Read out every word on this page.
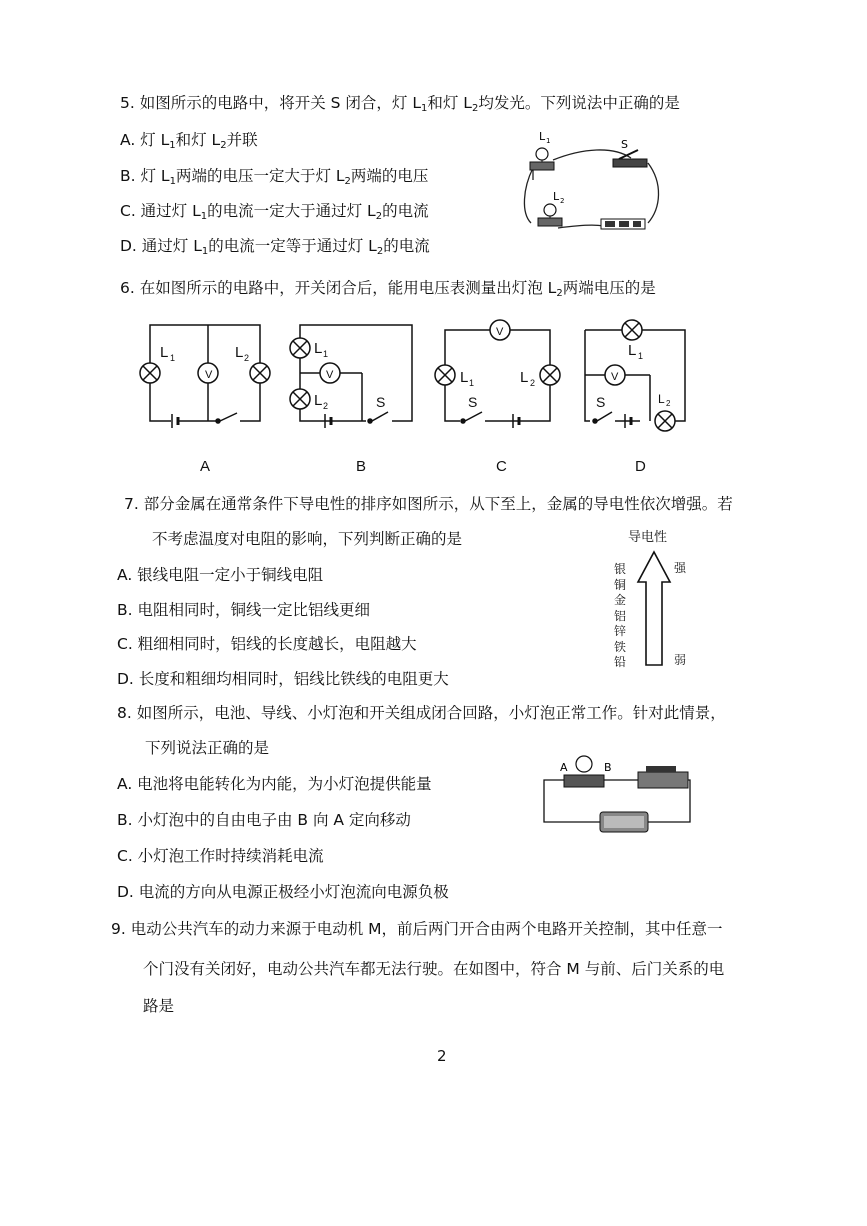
5. 如图所示的电路中，将开关 S 闭合，灯 $L_1$和灯 $L_2$均发光。下列说法中正确的是
A. 灯 $L_1$和灯 $L_2$并联
B. 灯 $L_1$两端的电压一定大于灯 $L_2$两端的电压
C. 通过灯 $L_1$的电流一定大于通过灯 $L_2$的电流
D. 通过灯 $L_1$的电流一定等于通过灯 $L_2$的电流
L 1
L 2
S
6. 在如图所示的电路中，开关闭合后，能用电压表测量出灯泡 $L_2$两端电压的是
V	V
V
V
L 1	L 2
L 1
L 2	S
L 1	L 2
S
L 1
L 2
S
A	B	C	D
7. 部分金属在通常条件下导电性的排序如图所示，从下至上，金属的导电性依次增强。若
不考虑温度对电阻的影响，下列判断正确的是
A. 银线电阻一定小于铜线电阻
B. 电阻相同时，铜线一定比铝线更细
C. 粗细相同时，铝线的长度越长，电阻越大
D. 长度和粗细均相同时，铝线比铁线的电阻更大
导电性
强
弱
银
铜
金
铝
锌
铁
铅
8. 如图所示，电池、导线、小灯泡和开关组成闭合回路，小灯泡正常工作。针对此情景，
下列说法正确的是
A. 电池将电能转化为内能，为小灯泡提供能量
B. 小灯泡中的自由电子由 B 向 A 定向移动
C. 小灯泡工作时持续消耗电流
D. 电流的方向从电源正极经小灯泡流向电源负极
A	B
9. 电动公共汽车的动力来源于电动机 M，前后两门开合由两个电路开关控制，其中任意一
个门没有关闭好，电动公共汽车都无法行驶。在如图中，符合 M 与前、后门关系的电
路是
2
